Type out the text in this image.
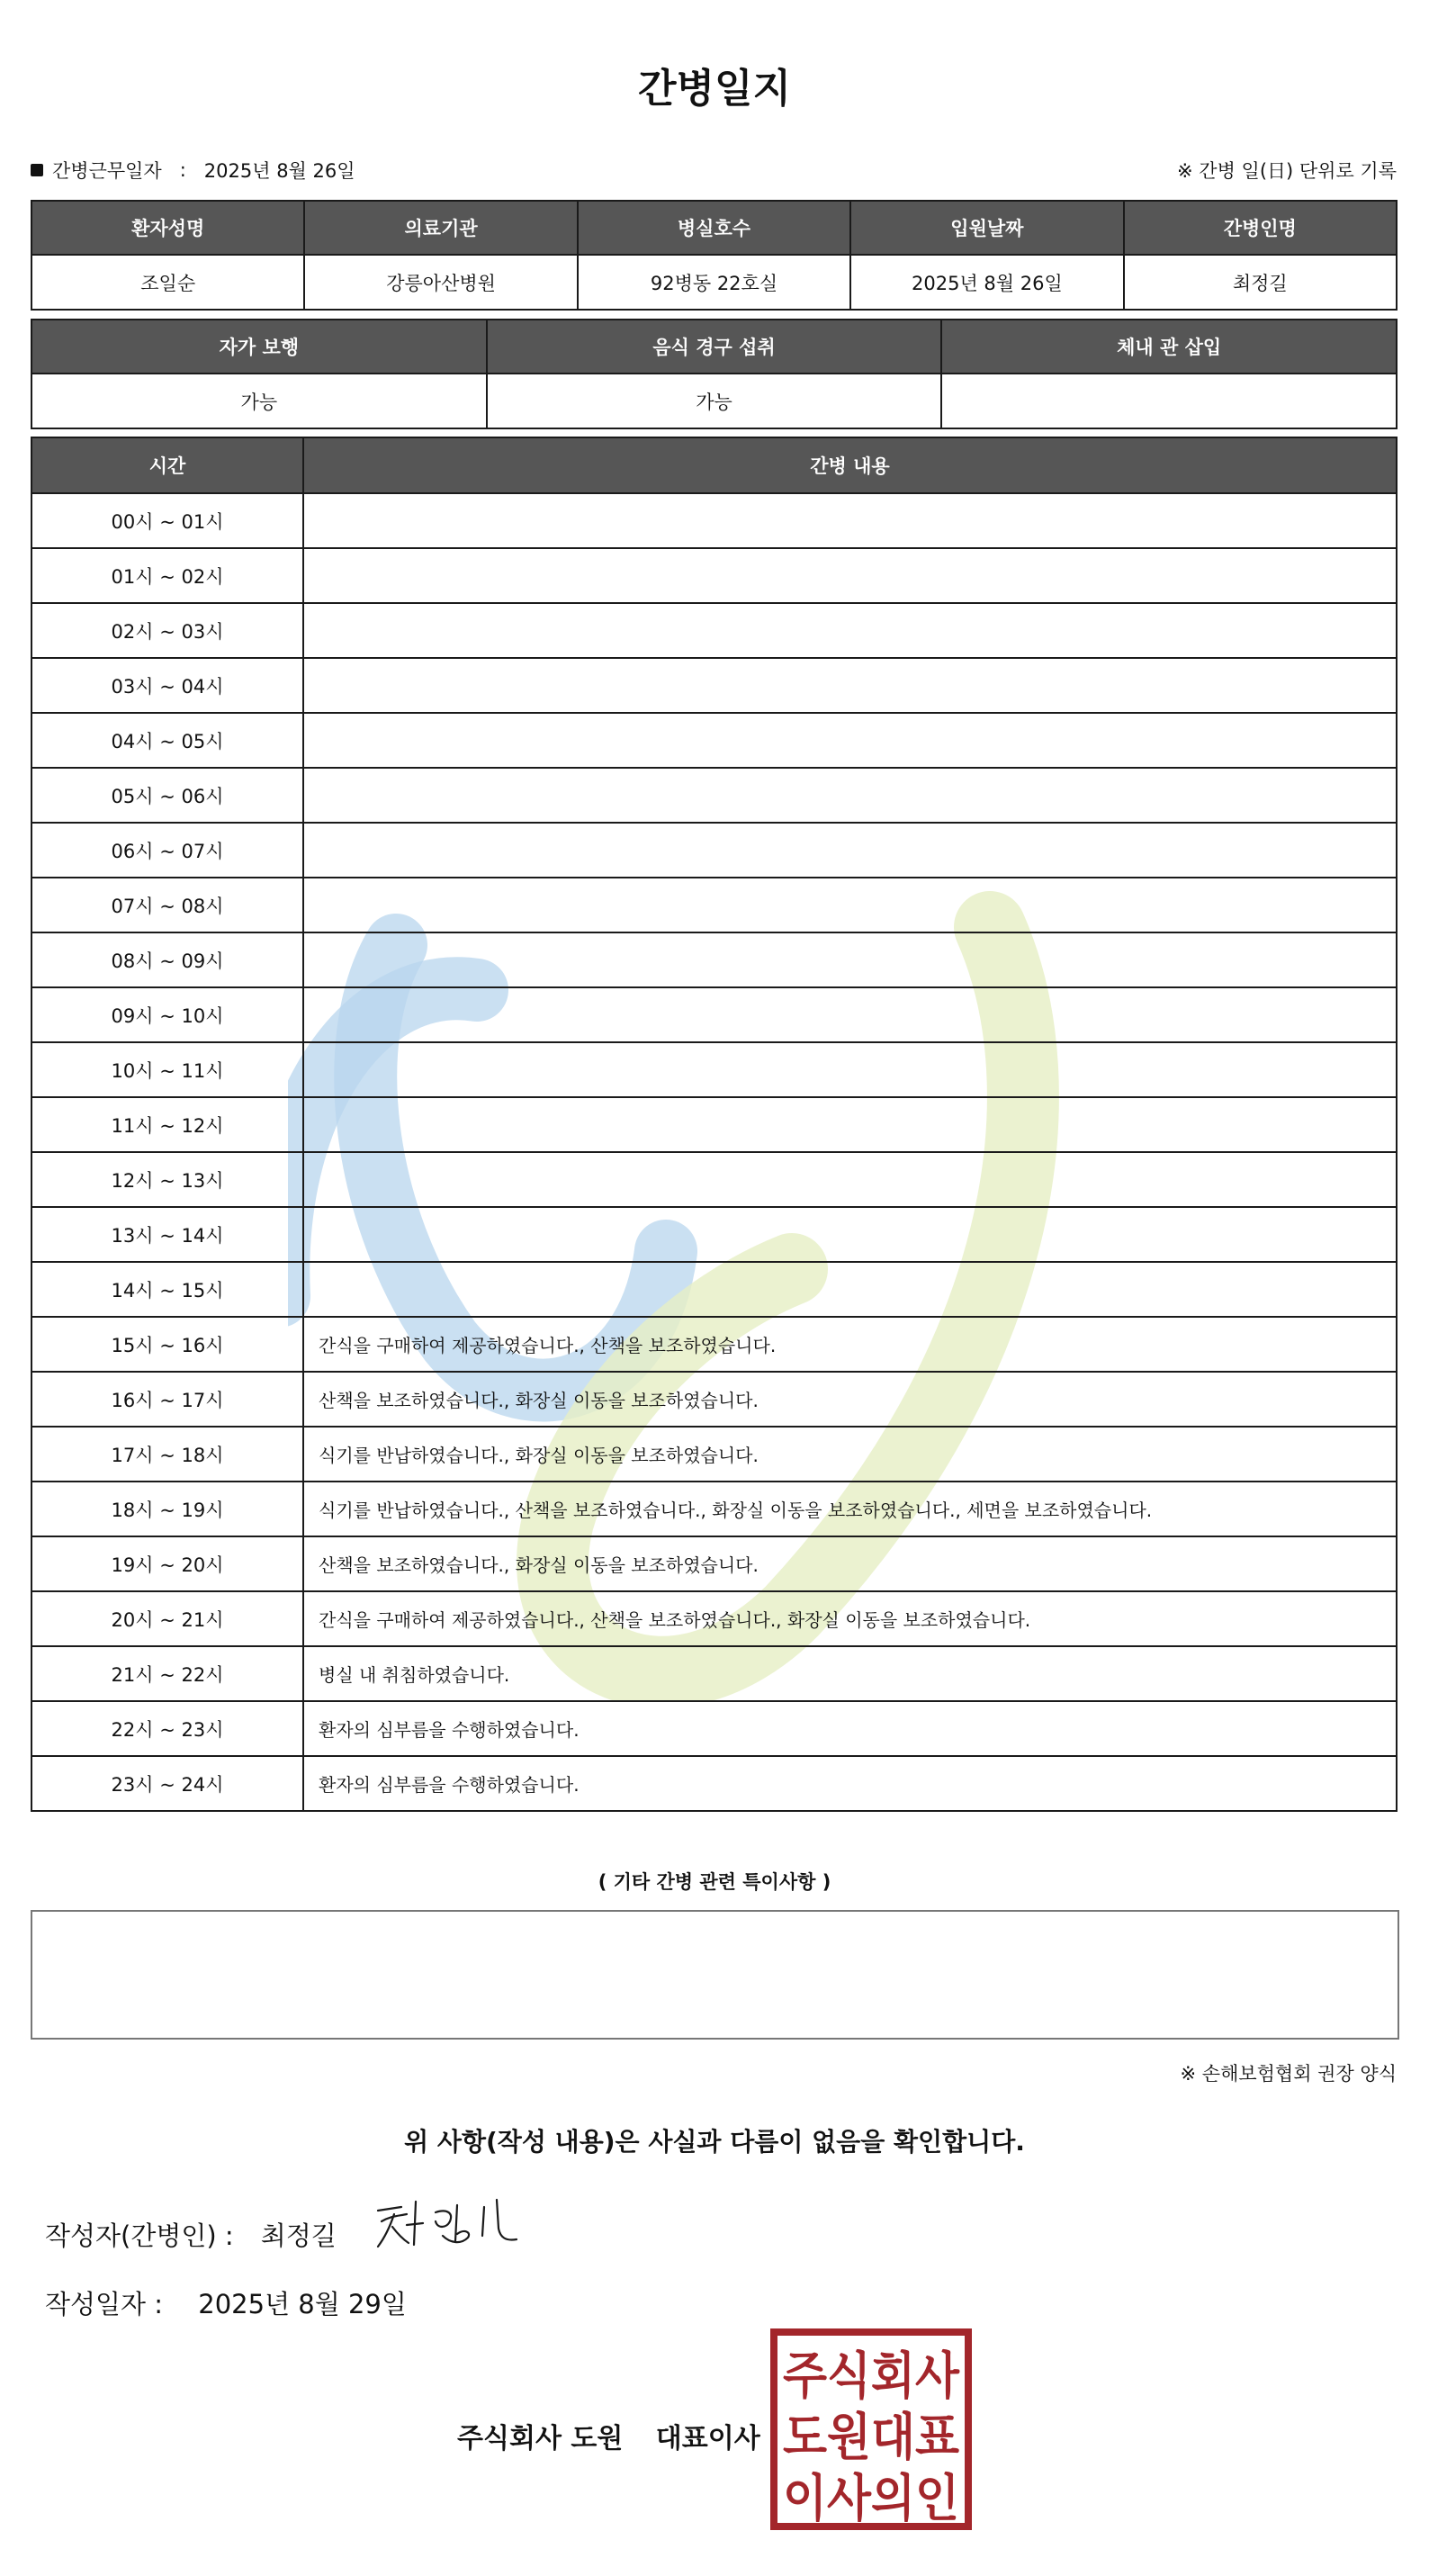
간병일지
간병근무일자 : 2025년 8월 26일	※ 간병 일(日) 단위로 기록
환자성명	의료기관	병실호수	입원날짜	간병인명
조일순	강릉아산병원	92병동 22호실	2025년 8월 26일	최정길
자가 보행	음식 경구 섭취	체내 관 삽입
가능	가능	
시간	간병 내용
00시 ~ 01시	
01시 ~ 02시	
02시 ~ 03시	
03시 ~ 04시	
04시 ~ 05시	
05시 ~ 06시	
06시 ~ 07시	
07시 ~ 08시	
08시 ~ 09시	
09시 ~ 10시	
10시 ~ 11시	
11시 ~ 12시	
12시 ~ 13시	
13시 ~ 14시	
14시 ~ 15시	
15시 ~ 16시	간식을 구매하여 제공하였습니다., 산책을 보조하였습니다.
16시 ~ 17시	산책을 보조하였습니다., 화장실 이동을 보조하였습니다.
17시 ~ 18시	식기를 반납하였습니다., 화장실 이동을 보조하였습니다.
18시 ~ 19시	식기를 반납하였습니다., 산책을 보조하였습니다., 화장실 이동을 보조하였습니다., 세면을 보조하였습니다.
19시 ~ 20시	산책을 보조하였습니다., 화장실 이동을 보조하였습니다.
20시 ~ 21시	간식을 구매하여 제공하였습니다., 산책을 보조하였습니다., 화장실 이동을 보조하였습니다.
21시 ~ 22시	병실 내 취침하였습니다.
22시 ~ 23시	환자의 심부름을 수행하였습니다.
23시 ~ 24시	환자의 심부름을 수행하였습니다.
( 기타 간병 관련 특이사항 )
※ 손해보험협회 권장 양식
위 사항(작성 내용)은 사실과 다름이 없음을 확인합니다.
작성자(간병인) : 최정길
작성일자 : 2025년 8월 29일
주식회사 도원 대표이사
주식회사
도원대표
이사의인
